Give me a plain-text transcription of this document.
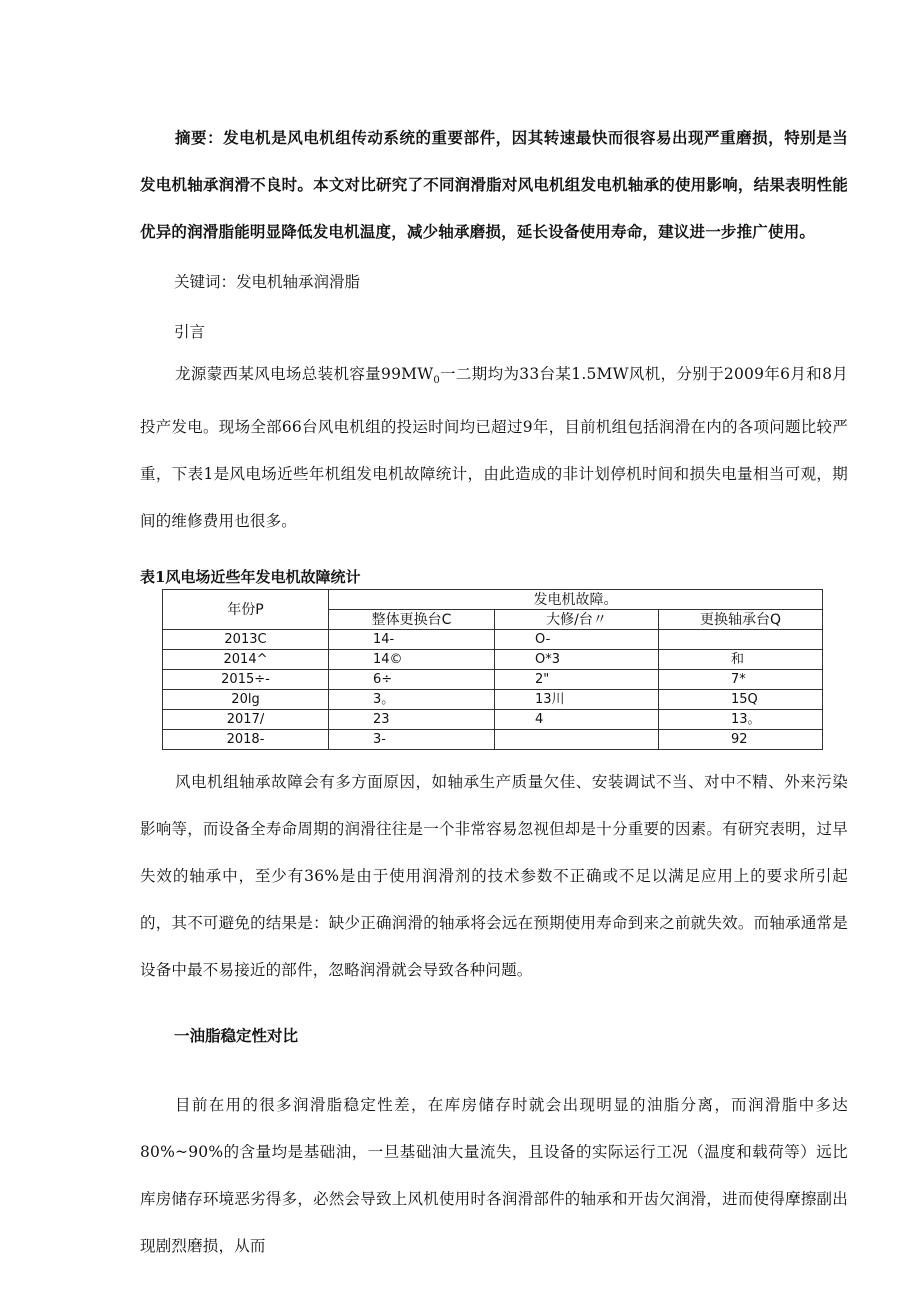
摘要：发电机是风电机组传动系统的重要部件，因其转速最快而很容易出现严重磨损，特别是当发电机轴承润滑不良时。本文对比研究了不同润滑脂对风电机组发电机轴承的使用影响，结果表明性能优异的润滑脂能明显降低发电机温度，减少轴承磨损，延长设备使用寿命，建议进一步推广使用。

关键词：发电机轴承润滑脂

引言

龙源蒙西某风电场总装机容量$99MW_0$一二期均为33台某1.5MW风机，分别于2009年6月和8月投产发电。现场全部66台风电机组的投运时间均已超过9年，目前机组包括润滑在内的各项问题比较严重，下表1是风电场近些年机组发电机故障统计，由此造成的非计划停机时间和损失电量相当可观，期间的维修费用也很多。

表1风电场近些年发电机故障统计

年份P	发电机故障。		
	整体更换台C	大修/台〃	更换轴承台Q
2013C	14-	O-	
2014^	14©	O*3	和
2015÷-	6÷	2"	7*
20lg	3。	13川	15Q
2017/	23	4	13。
2018-	3-		92

风电机组轴承故障会有多方面原因，如轴承生产质量欠佳、安装调试不当、对中不精、外来污染影响等，而设备全寿命周期的润滑往往是一个非常容易忽视但却是十分重要的因素。有研究表明，过早失效的轴承中，至少有36%是由于使用润滑剂的技术参数不正确或不足以满足应用上的要求所引起的，其不可避免的结果是：缺少正确润滑的轴承将会远在预期使用寿命到来之前就失效。而轴承通常是设备中最不易接近的部件，忽略润滑就会导致各种问题。

一油脂稳定性对比

目前在用的很多润滑脂稳定性差，在库房储存时就会出现明显的油脂分离，而润滑脂中多达80%~90%的含量均是基础油，一旦基础油大量流失，且设备的实际运行工况（温度和载荷等）远比库房储存环境恶劣得多，必然会导致上风机使用时各润滑部件的轴承和开齿欠润滑，进而使得摩擦副出现剧烈磨损，从而
